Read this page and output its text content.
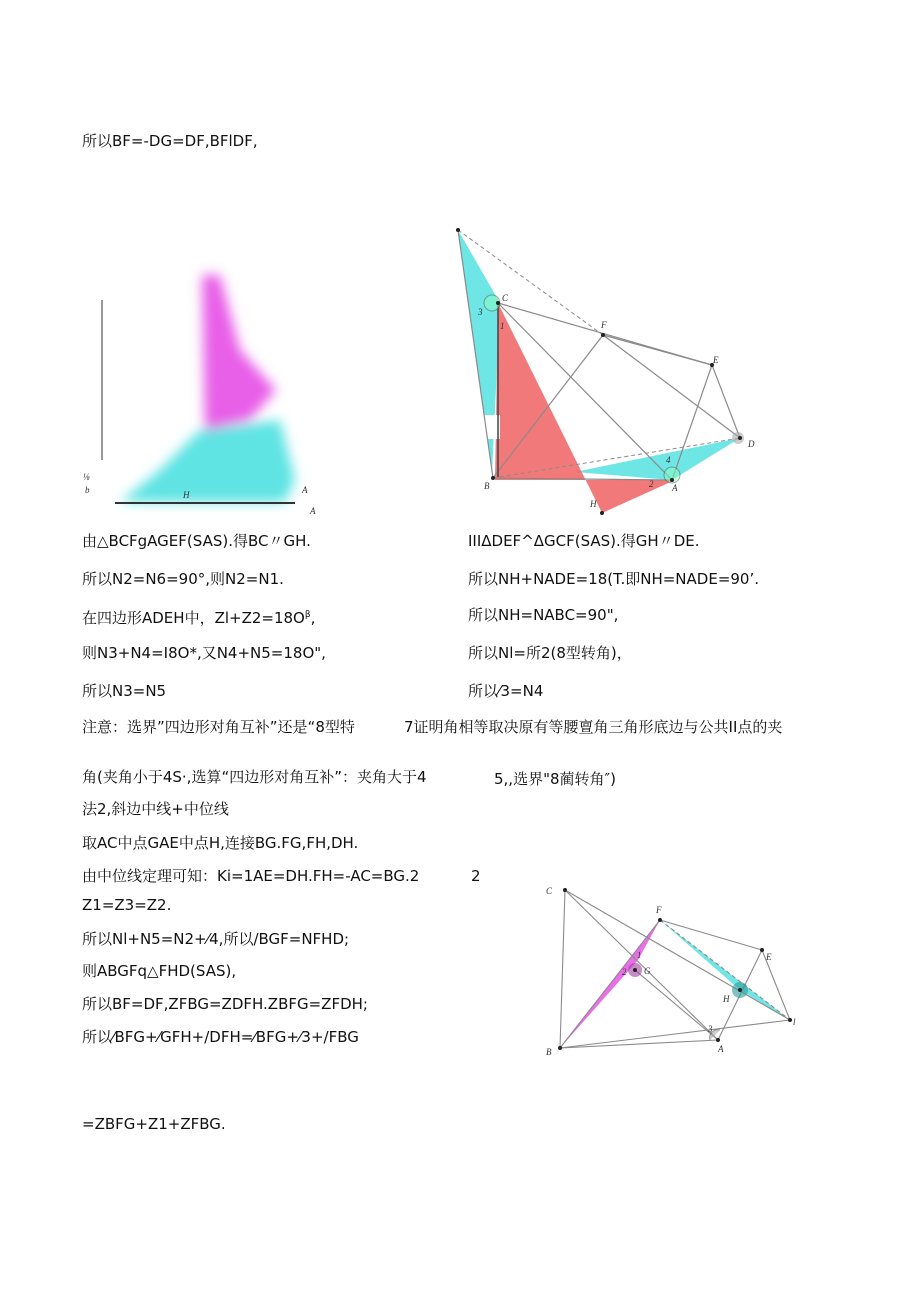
所以BF=-DG=DF,BFlDF,
由△BCFgAGEF(SAS).得BC〃GH.	IIIΔDEF^ΔGCF(SAS).得GH〃DE.
所以N2=N6=90°,则N2=N1.	所以NH+NADE=18(T.即NH=NADE=90’.
在四边形ADEH中，$Zl+Z2=18O^\beta$,	所以NH=NABC=90",
则N3+N4=I8O*,又N4+N5=18O",	所以Nl=所2(8型转角)，
所以N3=N5	所以⁄3=N4
注意：选界”四边形对角互补”还是“8型特	7证明角相等取决原有等腰亶角三角形底边与公共II点的夹
角(夹角小于4S·,选算“四边形对角互补”：夹角大于4	5,,选界"8蔺转角″)
法2,斜边中线+中位线
取AC中点GAE中点H,连接BG.FG,FH,DH.
由中位线定理可知：Ki=1AE=DH.FH=-AC=BG.2	2
Z1=Z3=Z2.
所以Nl+N5=N2+⁄4,所以/BGF=NFHD;
则ABGFq△FHD(SAS),
所以BF=DF,ZFBG=ZDFH.ZBFG=ZFDH;
所以⁄BFG+⁄GFH+/DFH=⁄BFG+⁄3+/FBG
=ZBFG+Z1+ZFBG.
H	A
A
⅛
b
C
F
E
B	A
D
H
1
2
3
4
C
F
E
B	A
l
G
H
1
2
3
